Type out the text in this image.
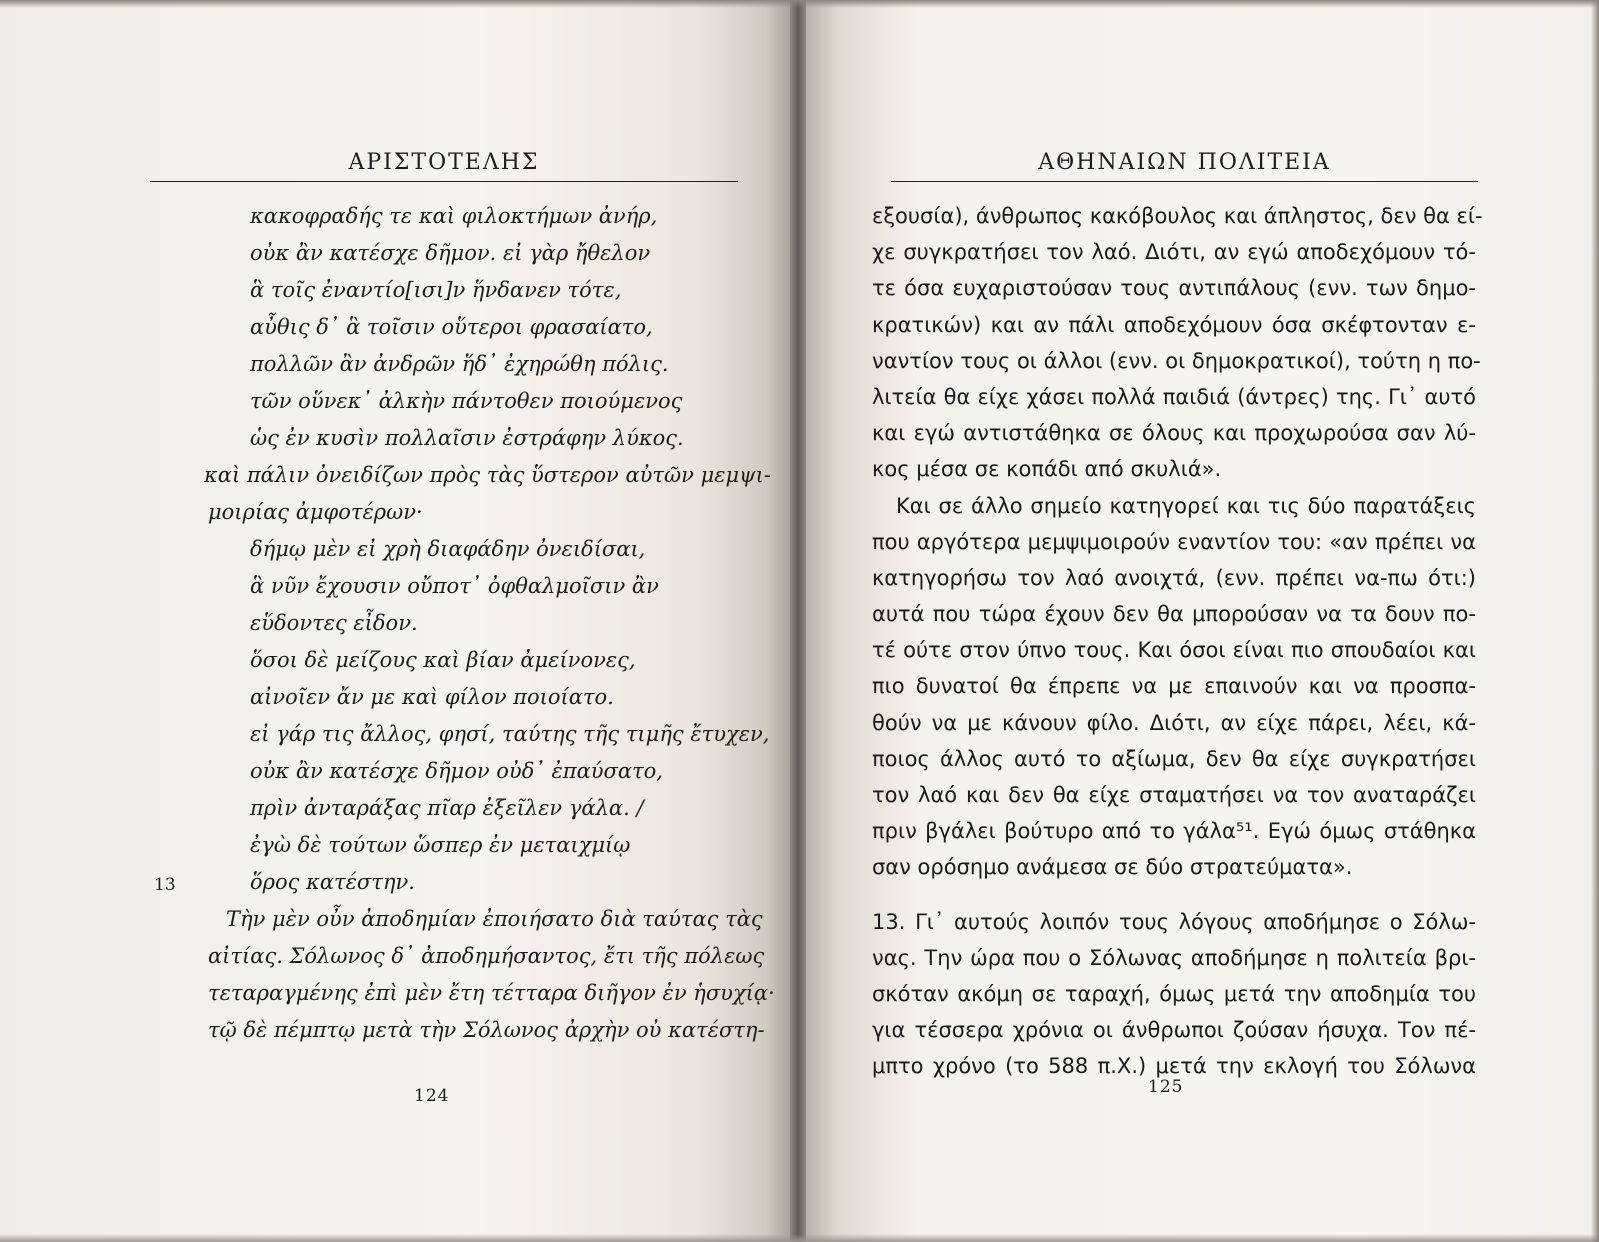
ΑΡΙΣΤΟΤΕΛΗΣ
κακοφραδής τε καὶ φιλοκτήμων ἀνήρ,
οὐκ ἂν κατέσχε δῆμον. εἰ γὰρ ἤθελον
ἃ τοῖς ἐναντίο[ισι]ν ἥνδανεν τότε,
αὖθις δ᾽ ἃ τοῖσιν οὕτεροι φρασαίατο,
πολλῶν ἂν ἀνδρῶν ἥδ᾽ ἐχηρώθη πόλις.
τῶν οὕνεκ᾽ ἀλκὴν πάντοθεν ποιούμενος
ὡς ἐν κυσὶν πολλαῖσιν ἐστράφην λύκος.
καὶ πάλιν ὀνειδίζων πρὸς τὰς ὕστερον αὐτῶν μεμψι-
μοιρίας ἀμφοτέρων·
δήμῳ μὲν εἰ χρὴ διαφάδην ὀνειδίσαι,
ἃ νῦν ἔχουσιν οὔποτ᾽ ὀφθαλμοῖσιν ἂν
εὕδοντες εἶδον.
ὅσοι δὲ μείζους καὶ βίαν ἀμείνονες,
αἰνοῖεν ἄν με καὶ φίλον ποιοίατο.
εἰ γάρ τις ἄλλος, φησί, ταύτης τῆς τιμῆς ἔτυχεν,
οὐκ ἂν κατέσχε δῆμον οὐδ᾽ ἐπαύσατο,
πρὶν ἀνταράξας πῖαρ ἐξεῖλεν γάλα. /
ἐγὼ δὲ τούτων ὥσπερ ἐν μεταιχμίῳ
ὅρος κατέστην.
Τὴν μὲν οὖν ἀποδημίαν ἐποιήσατο διὰ ταύτας τὰς
αἰτίας. Σόλωνος δ᾽ ἀποδημήσαντος, ἔτι τῆς πόλεως
τεταραγμένης ἐπὶ μὲν ἔτη τέτταρα διῆγον ἐν ἡσυχίᾳ·
τῷ δὲ πέμπτῳ μετὰ τὴν Σόλωνος ἀρχὴν οὐ κατέστη-
13
124
ΑΘΗΝΑΙΩΝ ΠΟΛΙΤΕΙΑ
εξουσία), άνθρωπος κακόβουλος και άπληστος, δεν θα εί-
χε συγκρατήσει τον λαό. Διότι, αν εγώ αποδεχόμουν τό-
τε όσα ευχαριστούσαν τους αντιπάλους (ενν. των δημο-
κρατικών) και αν πάλι αποδεχόμουν όσα σκέφτονταν ε-
ναντίον τους οι άλλοι (ενν. οι δημοκρατικοί), τούτη η πο-
λιτεία θα είχε χάσει πολλά παιδιά (άντρες) της. Γι᾽ αυτό
και εγώ αντιστάθηκα σε όλους και προχωρούσα σαν λύ-
κος μέσα σε κοπάδι από σκυλιά».
Και σε άλλο σημείο κατηγορεί και τις δύο παρατάξεις
που αργότερα μεμψιμοιρούν εναντίον του: «αν πρέπει να
κατηγορήσω τον λαό ανοιχτά, (ενν. πρέπει να-πω ότι:)
αυτά που τώρα έχουν δεν θα μπορούσαν να τα δουν πο-
τέ ούτε στον ύπνο τους. Και όσοι είναι πιο σπουδαίοι και
πιο δυνατοί θα έπρεπε να με επαινούν και να προσπα-
θούν να με κάνουν φίλο. Διότι, αν είχε πάρει, λέει, κά-
ποιος άλλος αυτό το αξίωμα, δεν θα είχε συγκρατήσει
τον λαό και δεν θα είχε σταματήσει να τον αναταράζει
πριν βγάλει βούτυρο από το γάλα⁵¹. Εγώ όμως στάθηκα
σαν ορόσημο ανάμεσα σε δύο στρατεύματα».
13. Γι᾽ αυτούς λοιπόν τους λόγους αποδήμησε ο Σόλω-
νας. Την ώρα που ο Σόλωνας αποδήμησε η πολιτεία βρι-
σκόταν ακόμη σε ταραχή, όμως μετά την αποδημία του
για τέσσερα χρόνια οι άνθρωποι ζούσαν ήσυχα. Τον πέ-
μπτο χρόνο (το 588 π.Χ.) μετά την εκλογή του Σόλωνα
125
